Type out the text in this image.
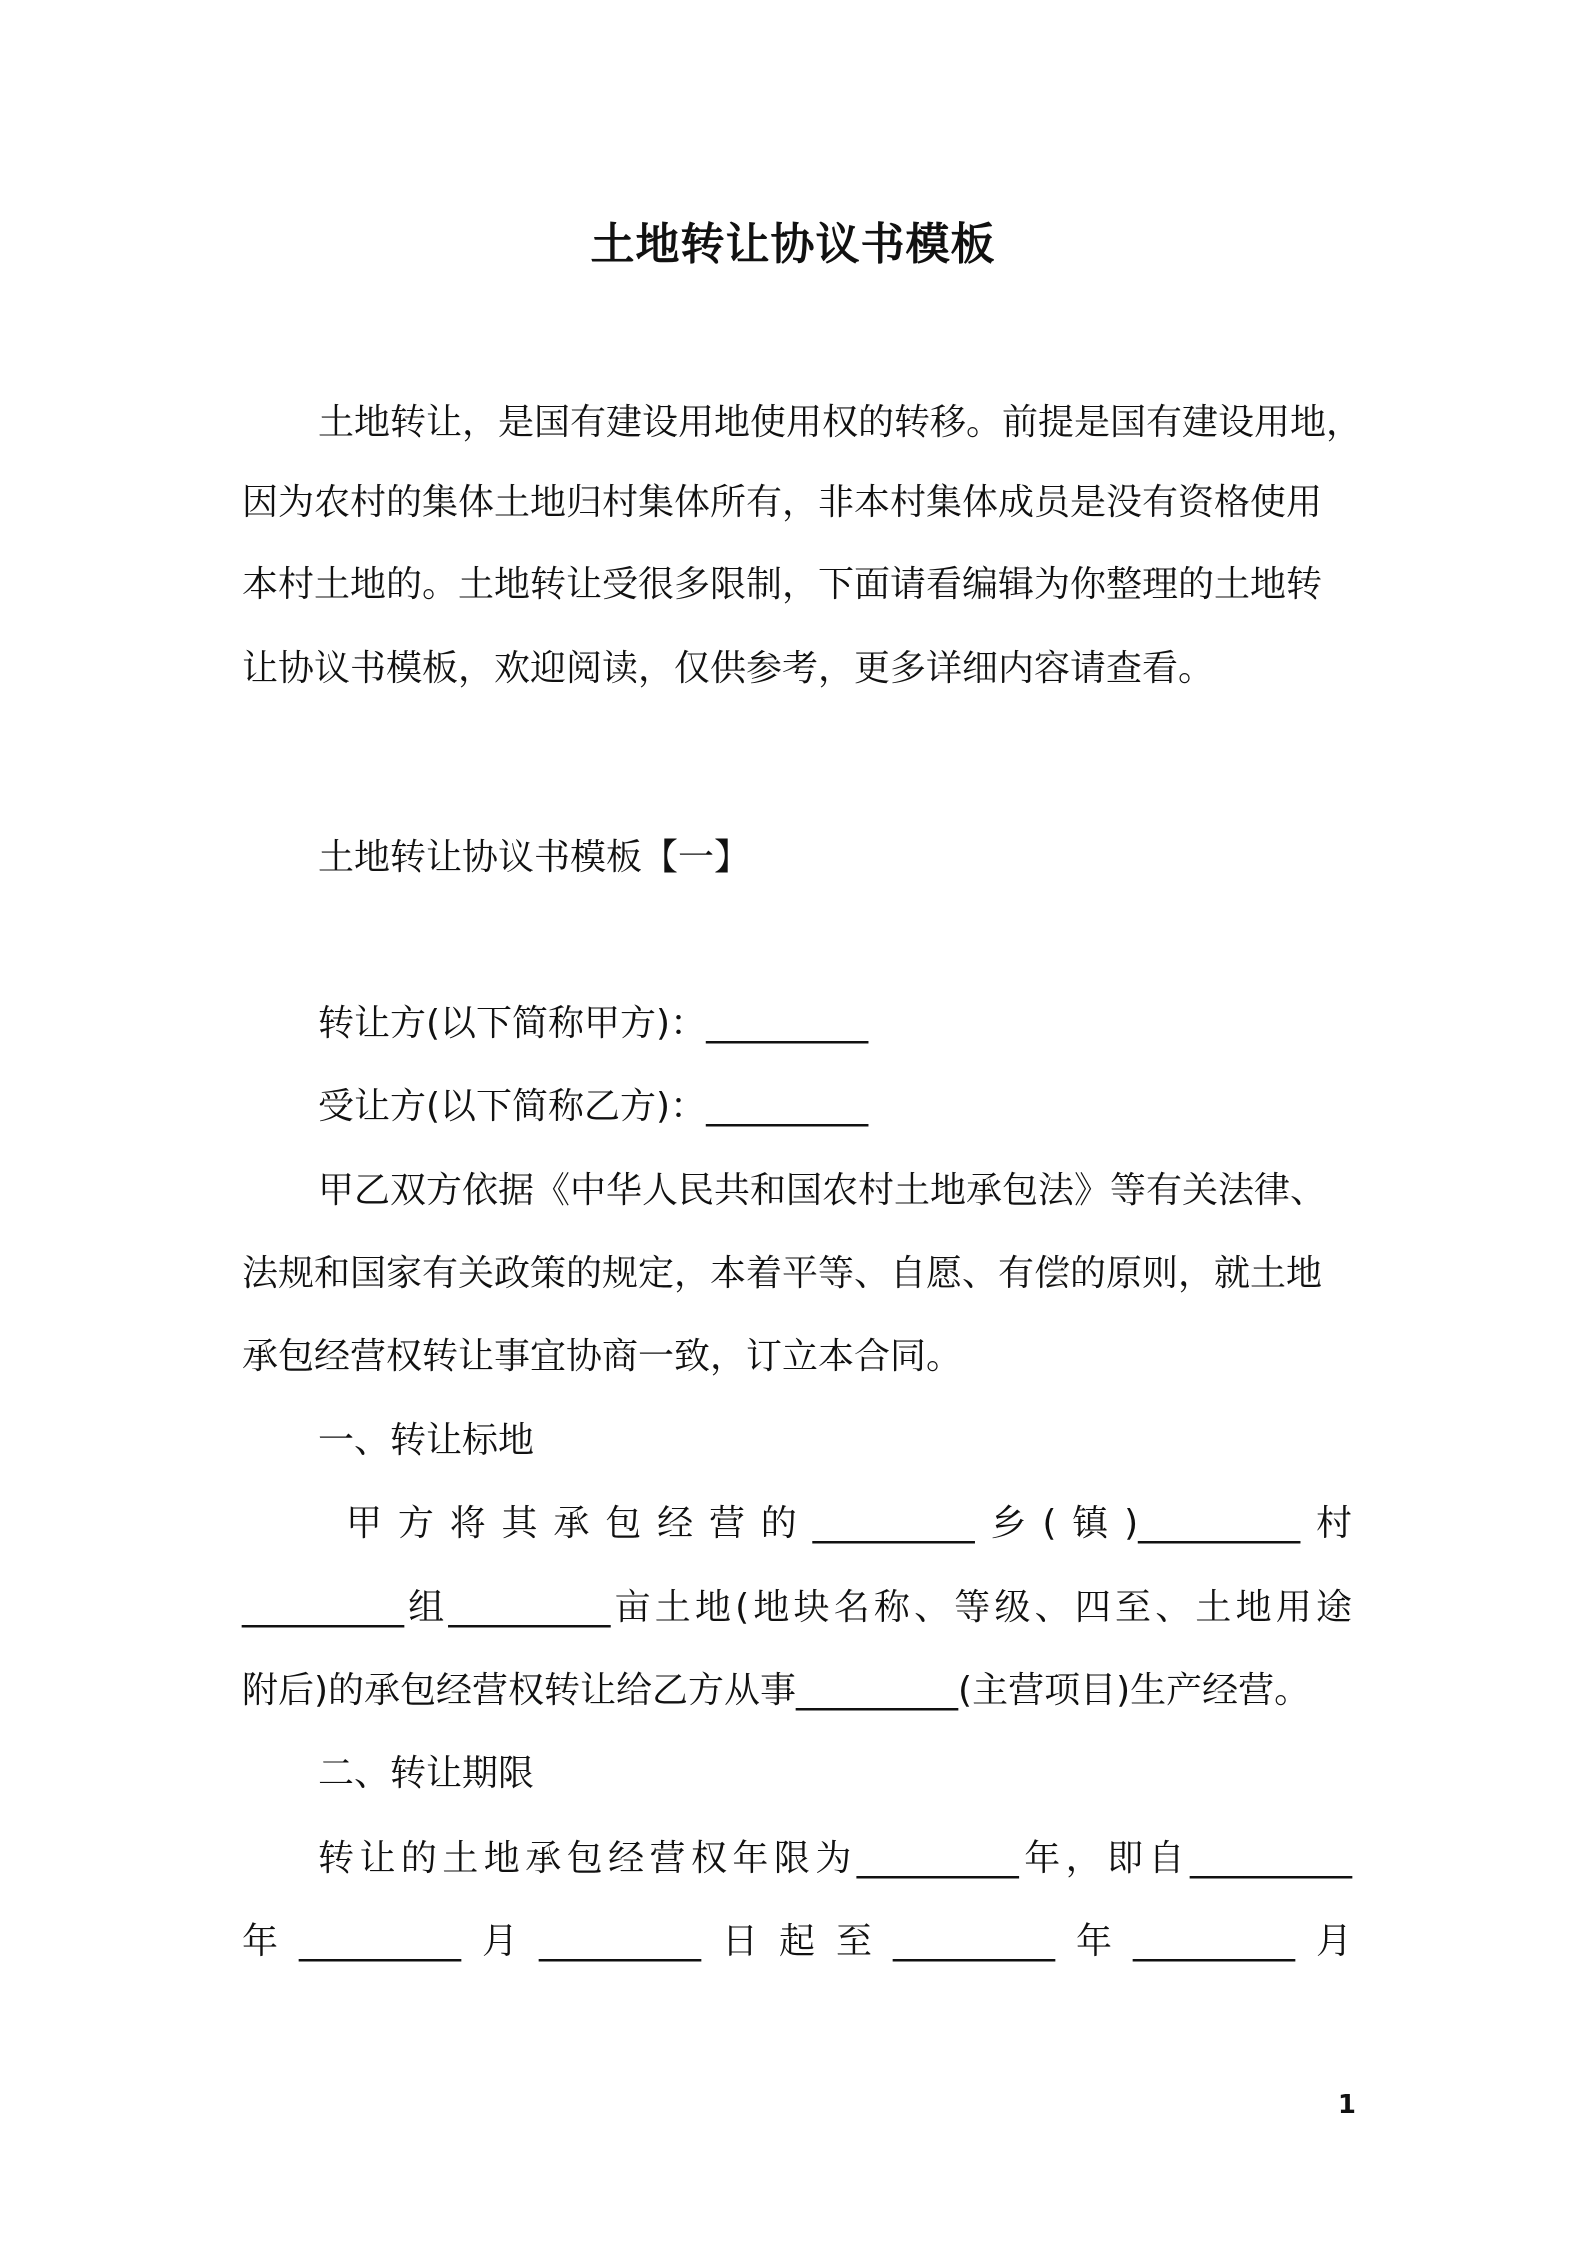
土地转让协议书模板
土地转让，是国有建设用地使用权的转移。前提是国有建设用地，
因为农村的集体土地归村集体所有，非本村集体成员是没有资格使用
本村土地的。土地转让受很多限制，下面请看编辑为你整理的土地转
让协议书模板，欢迎阅读，仅供参考，更多详细内容请查看。
土地转让协议书模板【一】
转让方(以下简称甲方)：_________
受让方(以下简称乙方)：_________
甲乙双方依据《中华人民共和国农村土地承包法》等有关法律、
法规和国家有关政策的规定，本着平等、自愿、有偿的原则，就土地
承包经营权转让事宜协商一致，订立本合同。
一、转让标地
甲方将其承包经营的_________乡(镇)_________村
_________组_________亩土地(地块名称、等级、四至、土地用途
附后)的承包经营权转让给乙方从事_________(主营项目)生产经营。
二、转让期限
转让的土地承包经营权年限为_________年，即自_________
年_________月_________日起至_________年_________月
1
